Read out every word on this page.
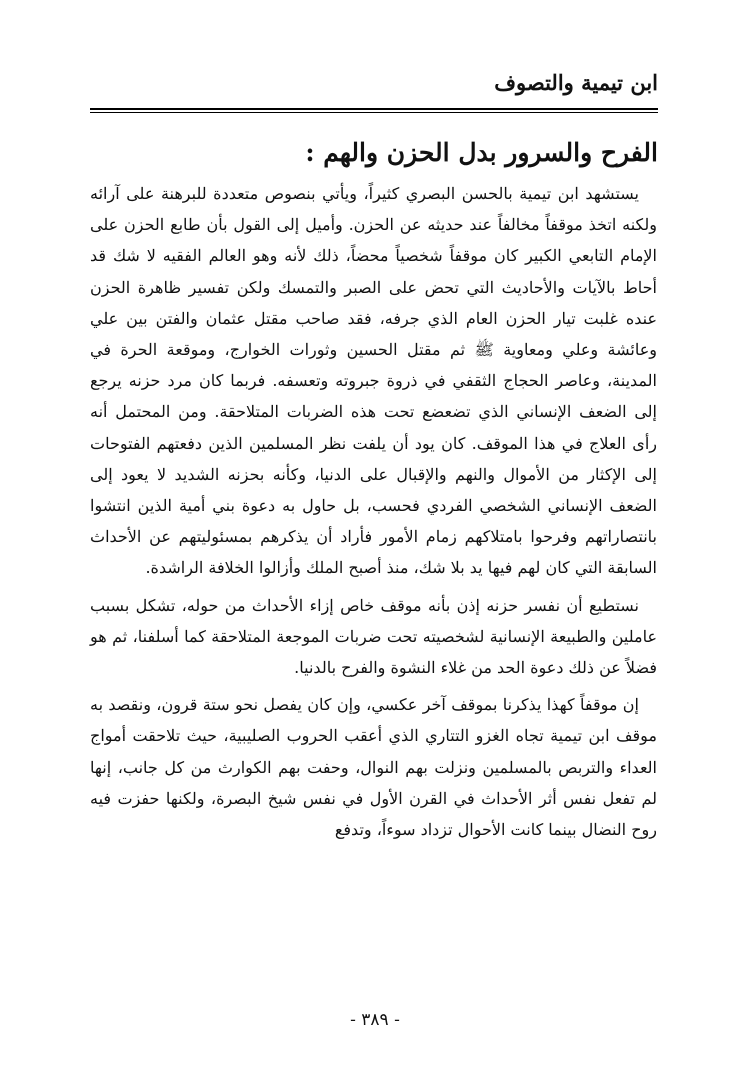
ابن تيمية والتصوف
الفرح والسرور بدل الحزن والهم :

يستشهد ابن تيمية بالحسن البصري كثيراً، ويأتي بنصوص متعددة للبرهنة على آرائه ولكنه اتخذ موقفاً مخالفاً عند حديثه عن الحزن. وأميل إلى القول بأن طابع الحزن على الإمام التابعي الكبير كان موقفاً شخصياً محضاً، ذلك لأنه وهو العالم الفقيه لا شك قد أحاط بالآيات والأحاديث التي تحض على الصبر والتمسك ولكن تفسير ظاهرة الحزن عنده غلبت تيار الحزن العام الذي جرفه، فقد صاحب مقتل عثمان والفتن بين علي وعائشة وعلي ومعاوية ﷺ ثم مقتل الحسين وثورات الخوارج، وموقعة الحرة في المدينة، وعاصر الحجاج الثقفي في ذروة جبروته وتعسفه. فربما كان مرد حزنه يرجع إلى الضعف الإنساني الذي تضعضع تحت هذه الضربات المتلاحقة. ومن المحتمل أنه رأى العلاج في هذا الموقف. كان يود أن يلفت نظر المسلمين الذين دفعتهم الفتوحات إلى الإكثار من الأموال والنهم والإقبال على الدنيا، وكأنه بحزنه الشديد لا يعود إلى الضعف الإنساني الشخصي الفردي فحسب، بل حاول به دعوة بني أمية الذين انتشوا بانتصاراتهم وفرحوا بامتلاكهم زمام الأمور فأراد أن يذكرهم بمسئوليتهم عن الأحداث السابقة التي كان لهم فيها يد بلا شك، منذ أصبح الملك وأزالوا الخلافة الراشدة.

نستطيع أن نفسر حزنه إذن بأنه موقف خاص إزاء الأحداث من حوله، تشكل بسبب عاملين والطبيعة الإنسانية لشخصيته تحت ضربات الموجعة المتلاحقة كما أسلفنا، ثم هو فضلاً عن ذلك دعوة الحد من غلاء النشوة والفرح بالدنيا.

إن موقفاً كهذا يذكرنا بموقف آخر عكسي، وإن كان يفصل نحو ستة قرون، ونقصد به موقف ابن تيمية تجاه الغزو التتاري الذي أعقب الحروب الصليبية، حيث تلاحقت أمواج العداء والتربص بالمسلمين ونزلت بهم النوال، وحفت بهم الكوارث من كل جانب، إنها لم تفعل نفس أثر الأحداث في القرن الأول في نفس شيخ البصرة، ولكنها حفزت فيه روح النضال بينما كانت الأحوال تزداد سوءاً، وتدفع

- ٣٨٩ -
